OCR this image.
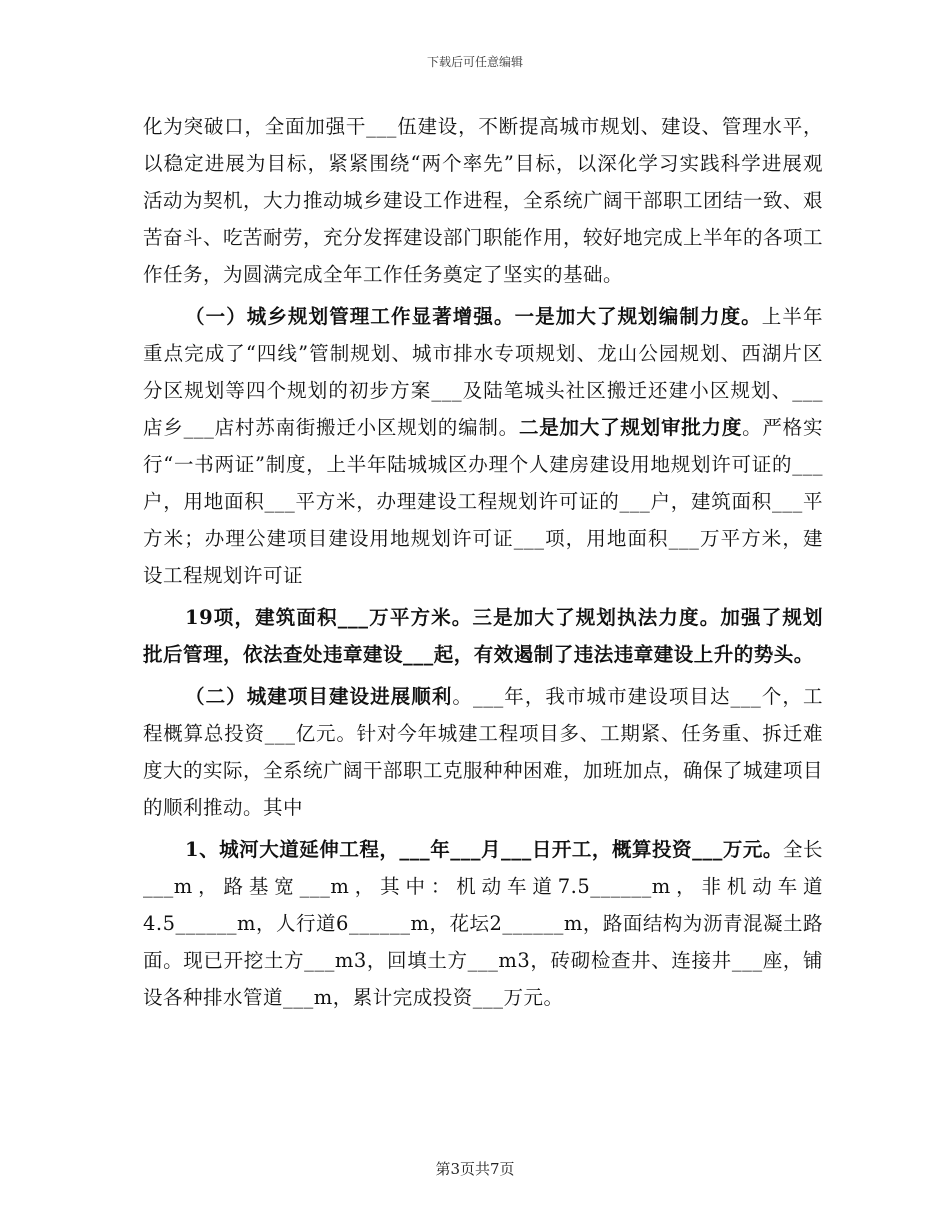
下载后可任意编辑

化为突破口，全面加强干___伍建设，不断提高城市规划、建设、管理水平，以稳定进展为目标，紧紧围绕“两个率先”目标，以深化学习实践科学进展观活动为契机，大力推动城乡建设工作进程，全系统广阔干部职工团结一致、艰苦奋斗、吃苦耐劳，充分发挥建设部门职能作用，较好地完成上半年的各项工作任务，为圆满完成全年工作任务奠定了坚实的基础。

（一）城乡规划管理工作显著增强。一是加大了规划编制力度。上半年重点完成了“四线”管制规划、城市排水专项规划、龙山公园规划、西湖片区分区规划等四个规划的初步方案___及陆笔城头社区搬迁还建小区规划、___店乡___店村苏南街搬迁小区规划的编制。二是加大了规划审批力度。严格实行“一书两证”制度，上半年陆城城区办理个人建房建设用地规划许可证的___户，用地面积___平方米，办理建设工程规划许可证的___户，建筑面积___平方米；办理公建项目建设用地规划许可证___项，用地面积___万平方米，建设工程规划许可证

19项，建筑面积___万平方米。三是加大了规划执法力度。加强了规划批后管理，依法查处违章建设___起，有效遏制了违法违章建设上升的势头。

（二）城建项目建设进展顺利。___年，我市城市建设项目达___个，工程概算总投资___亿元。针对今年城建工程项目多、工期紧、任务重、拆迁难度大的实际，全系统广阔干部职工克服种种困难，加班加点，确保了城建项目的顺利推动。其中

1、城河大道延伸工程，___年___月___日开工，概算投资___万元。全长___m，路基宽___m，其中：机动车道7.5______m，非机动车道4.5______m，人行道6______m，花坛2______m，路面结构为沥青混凝土路面。现已开挖土方___m3，回填土方___m3，砖砌检查井、连接井___座，铺设各种排水管道___m，累计完成投资___万元。

第3页共7页
